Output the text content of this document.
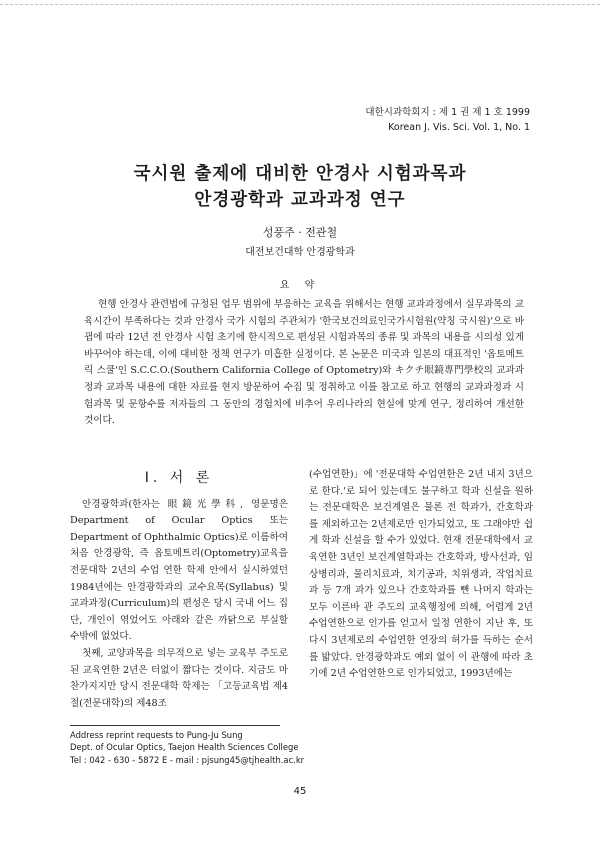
대한시과학회지 : 제 1 권 제 1 호 1999
Korean J. Vis. Sci. Vol. 1, No. 1
국시원 출제에 대비한 안경사 시험과목과
안경광학과 교과과정 연구
성풍주 · 전관철
대전보건대학 안경광학과
요 약

현행 안경사 관련법에 규정된 업무 범위에 부응하는 교육을 위해서는 현행 교과과정에서 실무과목의 교육시간이 부족하다는 것과 안경사 국가 시험의 주관처가 '한국보건의료인국가시험원(약칭 국시원)'으로 바뀜에 따라 12년 전 안경사 시험 초기에 한시적으로 편성된 시험과목의 종류 및 과목의 내용을 시의성 있게 바꾸어야 하는데, 이에 대비한 정책 연구가 미흡한 실정이다. 본 논문은 미국과 일본의 대표적인 '옵토메트릭 스쿨'인 S.C.C.O.(Southern California College of Optometry)와 キクチ眼鏡專門學校의 교과과정과 교과목 내용에 대한 자료를 현지 방문하여 수집 및 정취하고 이를 참고로 하고 현행의 교과과정과 시험과목 및 문항수를 저자들의 그 동안의 경험치에 비추어 우리나라의 현실에 맞게 연구, 정리하여 개선한 것이다.

Ⅰ. 서 론

안경광학과(한자는 眼鏡光學科, 영문명은 Department of Ocular Optics 또는 Department of Ophthalmic Optics)로 이름하여 처음 안경광학, 즉 옵토메트리(Optometry)교육을 전문대학 2년의 수업 연한 학제 안에서 실시하였던 1984년에는 안경광학과의 교수요목(Syllabus) 및 교과과정(Curriculum)의 편성은 당시 국내 어느 집단, 개인이 엮었어도 아래와 같은 까닭으로 부실할 수밖에 없었다.

첫째, 교양과목을 의무적으로 넣는 교육부 주도로 된 교육연한 2년은 터없이 짧다는 것이다. 지금도 마찬가지지만 당시 전문대학 학제는 「고등교육법 제4절(전문대학)의 제48조

(수업연한)」에 '전문대학 수업연한은 2년 내지 3년으로 한다.'로 되어 있는데도 불구하고 학과 신설을 원하는 전문대학은 보건계열은 물론 전 학과가, 간호학과를 제외하고는 2년제로만 인가되었고, 또 그래야만 쉽게 학과 신설을 할 수가 있었다. 현재 전문대학에서 교육연한 3년인 보건계열학과는 간호학과, 방사선과, 임상병리과, 물리치료과, 치기공과, 치위생과, 작업치료과 등 7개 과가 있으나 간호학과를 뺀 나머지 학과는 모두 이른바 관 주도의 교육행정에 의해, 어렵게 2년 수업연한으로 인가를 얻고서 일정 연한이 지난 후, 또다시 3년제로의 수업연한 연장의 허가를 득하는 순서를 밟았다. 안경광학과도 예외 없이 이 관행에 따라 초기에 2년 수업연한으로 인가되었고, 1993년에는

Address reprint requests to Pung-Ju Sung
Dept. of Ocular Optics, Taejon Health Sciences College
Tel : 042 - 630 - 5872 E - mail : pjsung45@tjhealth.ac.kr
45
